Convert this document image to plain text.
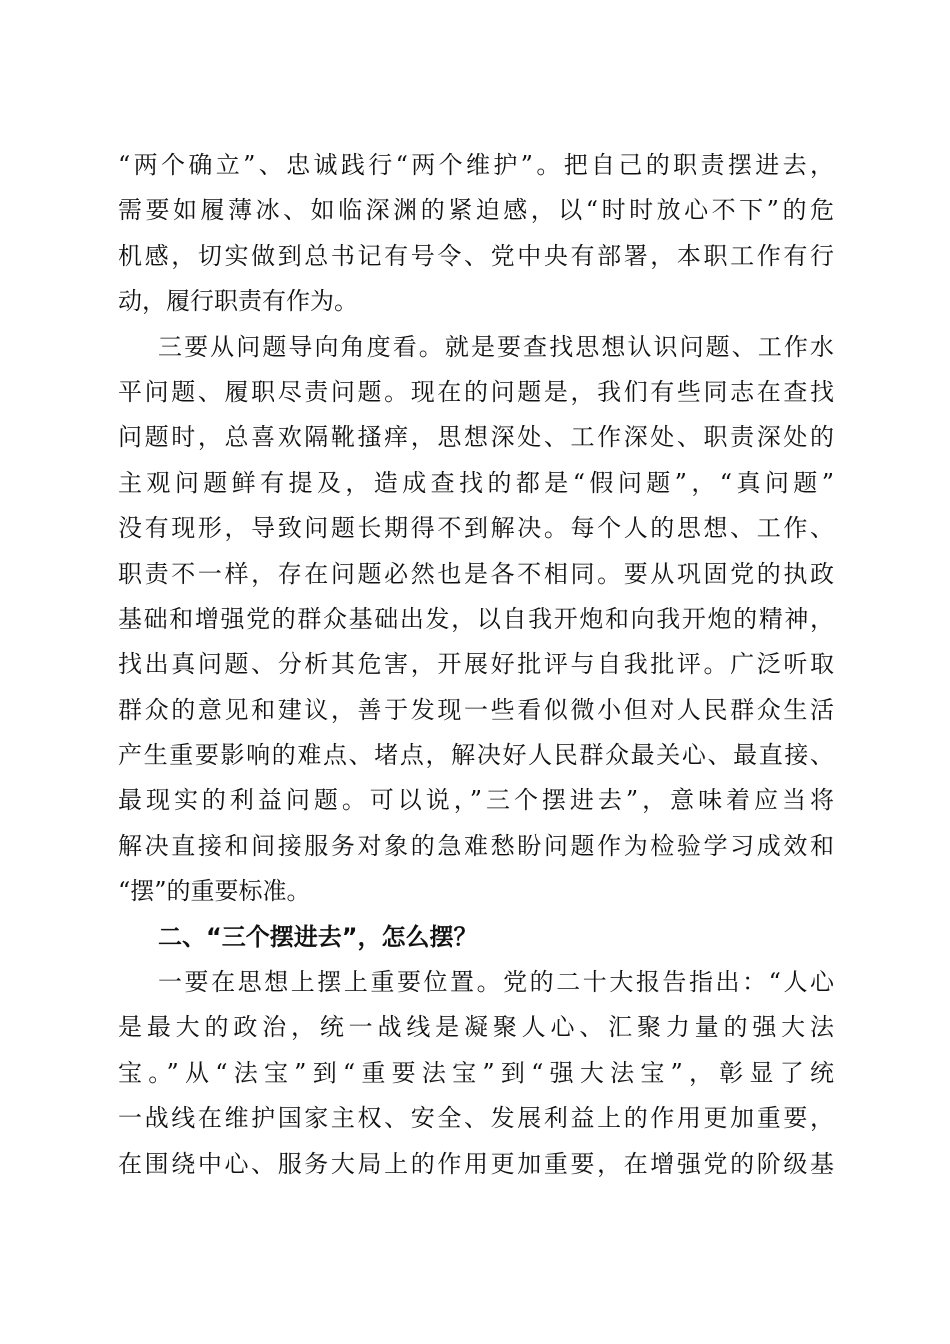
“两个确立”、忠诚践行“两个维护”。把自己的职责摆进去，
需要如履薄冰、如临深渊的紧迫感，以“时时放心不下”的危
机感，切实做到总书记有号令、党中央有部署，本职工作有行
动，履行职责有作为。
三要从问题导向角度看。就是要查找思想认识问题、工作水
平问题、履职尽责问题。现在的问题是，我们有些同志在查找
问题时，总喜欢隔靴搔痒，思想深处、工作深处、职责深处的
主观问题鲜有提及，造成查找的都是“假问题”，“真问题”
没有现形，导致问题长期得不到解决。每个人的思想、工作、
职责不一样，存在问题必然也是各不相同。要从巩固党的执政
基础和增强党的群众基础出发，以自我开炮和向我开炮的精神，
找出真问题、分析其危害，开展好批评与自我批评。广泛听取
群众的意见和建议，善于发现一些看似微小但对人民群众生活
产生重要影响的难点、堵点，解决好人民群众最关心、最直接、
最现实的利益问题。可以说，”三个摆进去”，意味着应当将
解决直接和间接服务对象的急难愁盼问题作为检验学习成效和
“摆”的重要标准。
二、“三个摆进去”，怎么摆？
一要在思想上摆上重要位置。党的二十大报告指出：“人心
是最大的政治，统一战线是凝聚人心、汇聚力量的强大法
宝。”从“法宝”到“重要法宝”到“强大法宝”，彰显了统
一战线在维护国家主权、安全、发展利益上的作用更加重要，
在围绕中心、服务大局上的作用更加重要，在增强党的阶级基
